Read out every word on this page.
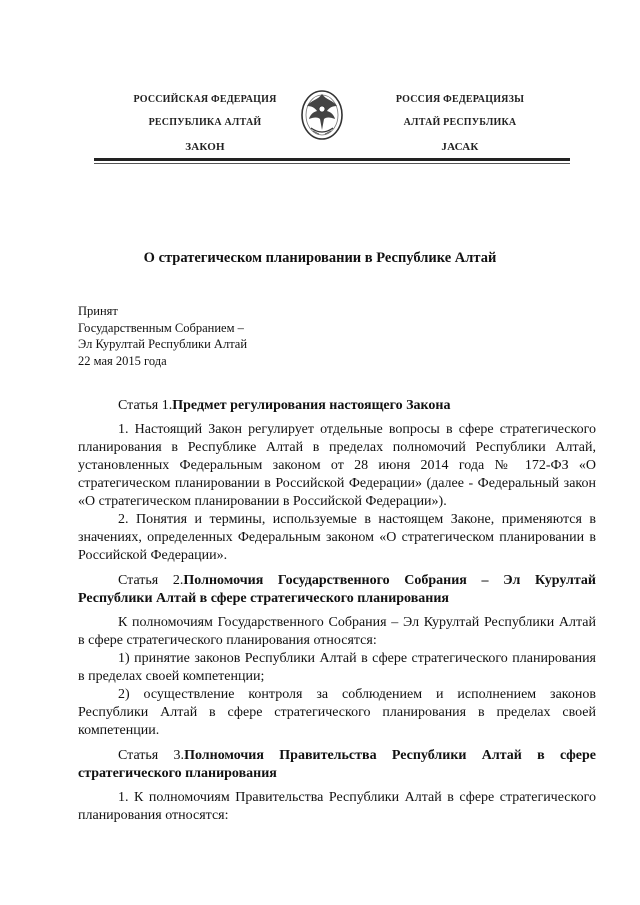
РОССИЙСКАЯ ФЕДЕРАЦИЯ
РЕСПУБЛИКА АЛТАЙ
ЗАКОН
РОССИЯ ФЕДЕРАЦИЯЗЫ
АЛТАЙ РЕСПУБЛИКА
JАСАК
О стратегическом планировании в Республике Алтай
Принят
Государственным Собранием –
Эл Курултай Республики Алтай
22 мая 2015 года

Статья 1.Предмет регулирования настоящего Закона

1. Настоящий Закон регулирует отдельные вопросы в сфере стратегического планирования в Республике Алтай в пределах полномочий Республики Алтай, установленных Федеральным законом от 28 июня 2014 года № 172-ФЗ «О стратегическом планировании в Российской Федерации» (далее - Федеральный закон «О стратегическом планировании в Российской Федерации»).

2. Понятия и термины, используемые в настоящем Законе, применяются в значениях, определенных Федеральным законом «О стратегическом планировании в Российской Федерации».

Статья 2.Полномочия Государственного Собрания – Эл Курултай Республики Алтай в сфере стратегического планирования

К полномочиям Государственного Собрания – Эл Курултай Республики Алтай в сфере стратегического планирования относятся:

1) принятие законов Республики Алтай в сфере стратегического планирования в пределах своей компетенции;

2) осуществление контроля за соблюдением и исполнением законов Республики Алтай в сфере стратегического планирования в пределах своей компетенции.

Статья 3.Полномочия Правительства Республики Алтай в сфере стратегического планирования

1. К полномочиям Правительства Республики Алтай в сфере стратегического планирования относятся:
